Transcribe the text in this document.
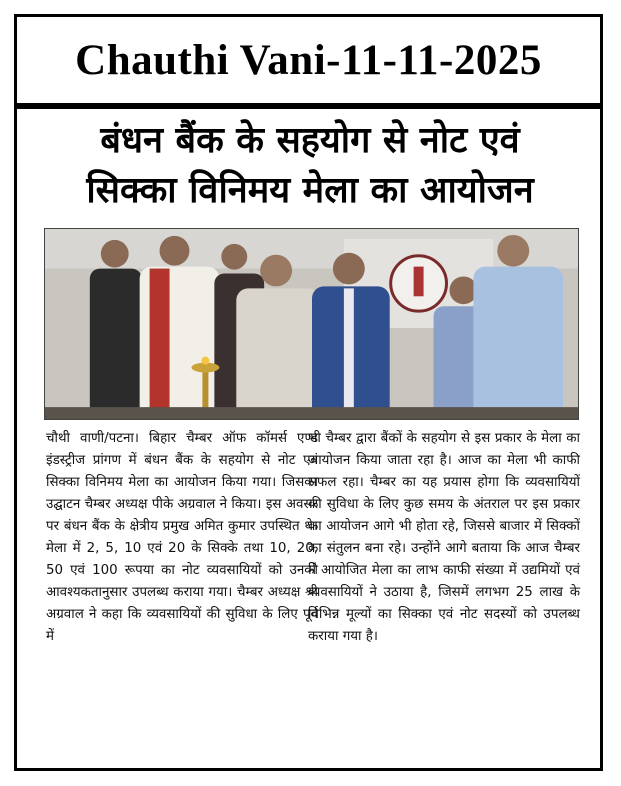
Chauthi Vani-11-11-2025
बंधन बैंक के सहयोग से नोट एवं
सिक्का विनिमय मेला का आयोजन
चौथी वाणी/पटना। बिहार चैम्बर ऑफ कॉमर्स एण्ड इंडस्ट्रीज प्रांगण में बंधन बैंक के सहयोग से नोट एवं सिक्का विनिमय मेला का आयोजन किया गया। जिसका उद्घाटन चैम्बर अध्यक्ष पीके अग्रवाल ने किया। इस अवसर पर बंधन बैंक के क्षेत्रीय प्रमुख अमित कुमार उपस्थित थे। मेला में 2, 5, 10 एवं 20 के सिक्के तथा 10, 20, 50 एवं 100 रूपया का नोट व्यवसायियों को उनकी आवश्यकतानुसार उपलब्ध कराया गया। चैम्बर अध्यक्ष श्री अग्रवाल ने कहा कि व्यवसायियों की सुविधा के लिए पूर्व में
भी चैम्बर द्वारा बैंकों के सहयोग से इस प्रकार के मेला का आयोजन किया जाता रहा है। आज का मेला भी काफी सफल रहा। चैम्बर का यह प्रयास होगा कि व्यवसायियों की सुविधा के लिए कुछ समय के अंतराल पर इस प्रकार का आयोजन आगे भी होता रहे, जिससे बाजार में सिक्कों का संतुलन बना रहे। उन्होंने आगे बताया कि आज चैम्बर में आयोजित मेला का लाभ काफी संख्या में उद्यमियों एवं व्यवसायियों ने उठाया है, जिसमें लगभग 25 लाख के विभिन्न मूल्यों का सिक्का एवं नोट सदस्यों को उपलब्ध कराया गया है।
